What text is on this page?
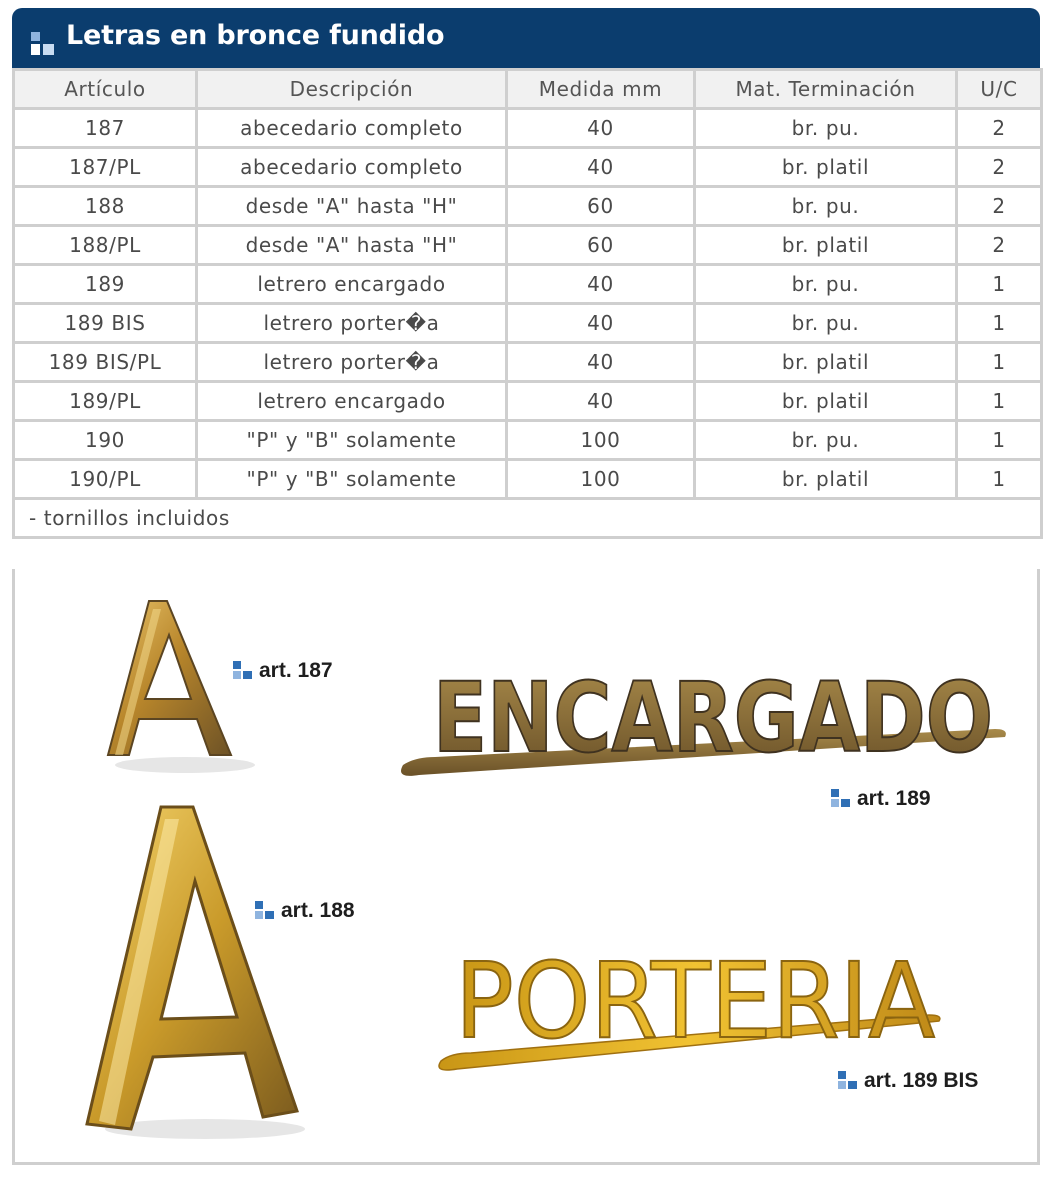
Letras en bronce fundido
Artículo	Descripción	Medida mm	Mat. Terminación	U/C
187	abecedario completo	40	br. pu.	2
187/PL	abecedario completo	40	br. platil	2
188	desde "A" hasta "H"	60	br. pu.	2
188/PL	desde "A" hasta "H"	60	br. platil	2
189	letrero encargado	40	br. pu.	1
189 BIS	letrero porter�a	40	br. pu.	1
189 BIS/PL	letrero porter�a	40	br. platil	1
189/PL	letrero encargado	40	br. platil	1
190	"P" y "B" solamente	100	br. pu.	1
190/PL	"P" y "B" solamente	100	br. platil	1
- tornillos incluidos				
ENCARGADO
PORTERIA
art. 187
art. 189
art. 188
art. 189 BIS
